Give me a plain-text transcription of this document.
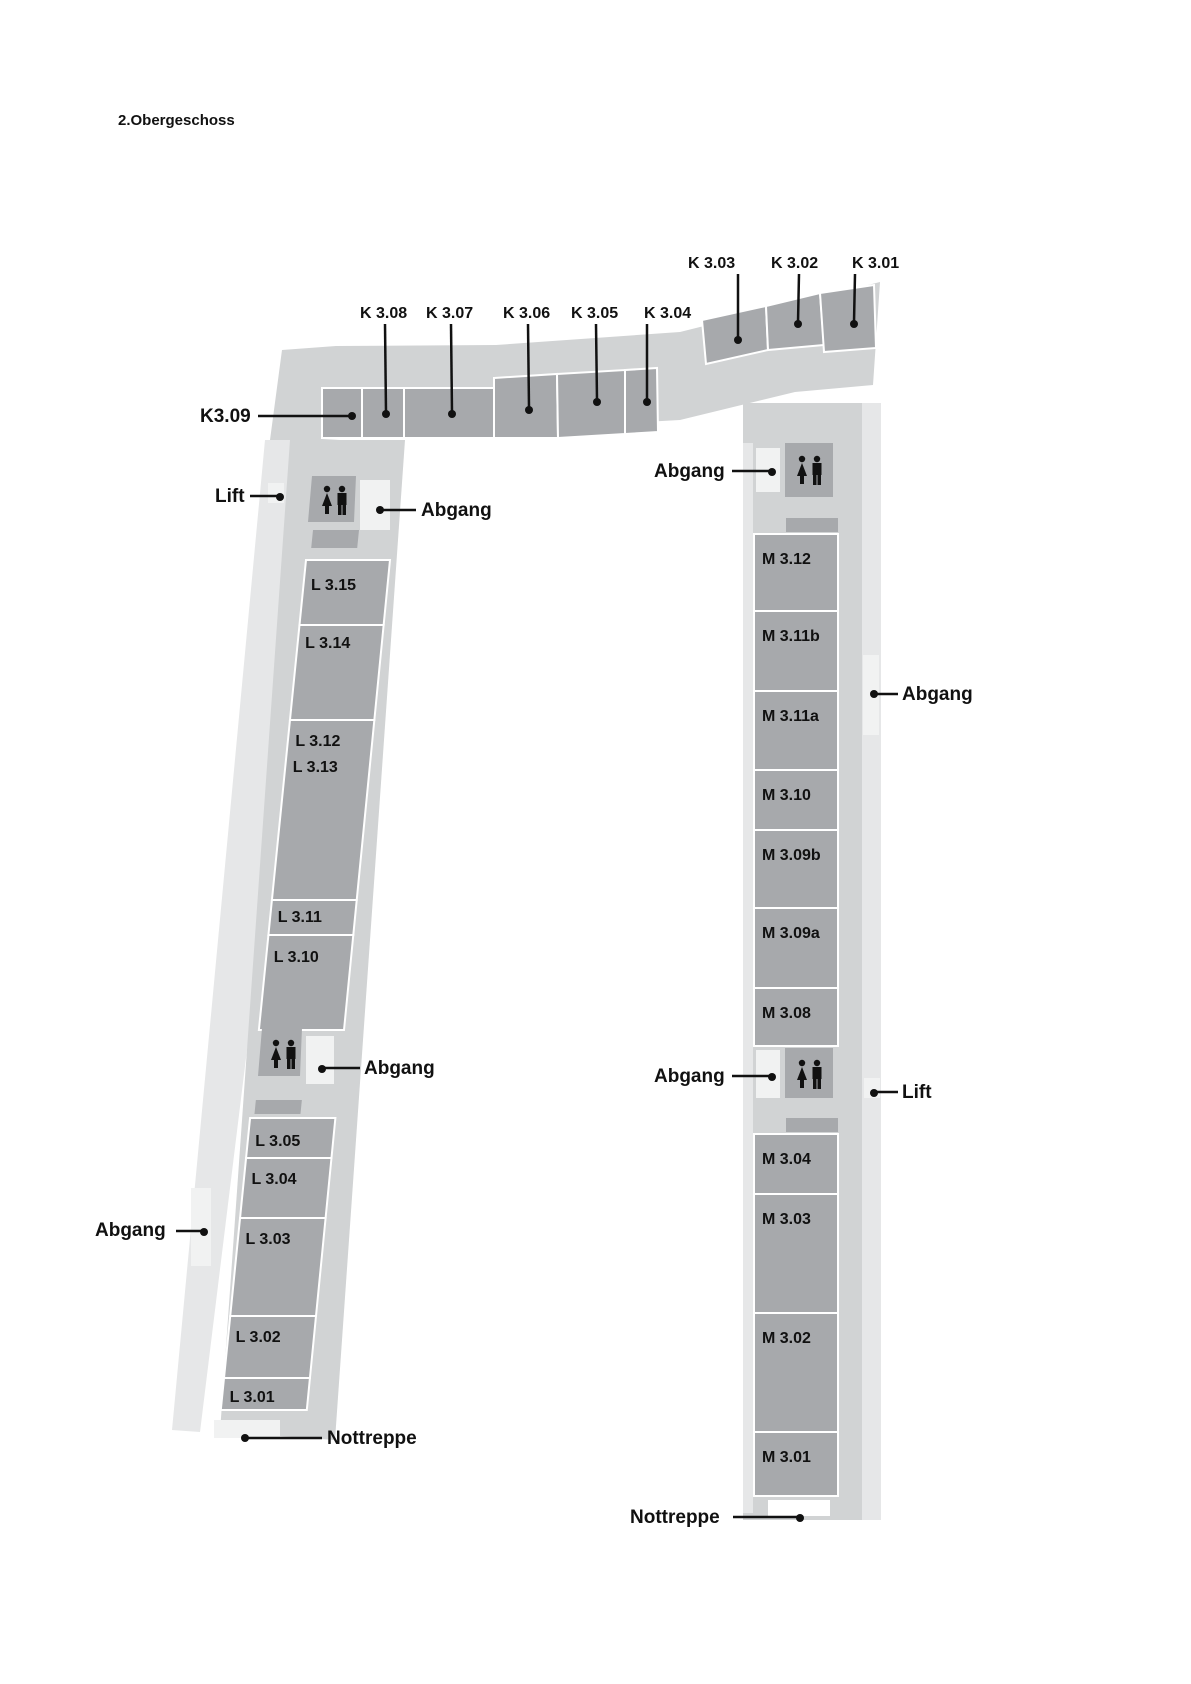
2.Obergeschoss
L 3.15
L 3.14
L 3.12
L 3.11
L 3.10
L 3.05
L 3.04
L 3.03
L 3.02
L 3.01
L 3.13
M 3.12
M 3.11b
M 3.11a
M 3.10
M 3.09b
M 3.09a
M 3.08
M 3.04
M 3.03
M 3.02
M 3.01
K 3.08 K 3.07 K 3.06 K 3.05 K 3.04
K 3.03 K 3.02 K 3.01
K3.09
Lift
Abgang
Abgang
Abgang
Nottreppe
Abgang
Abgang
Abgang
Lift
Nottreppe
